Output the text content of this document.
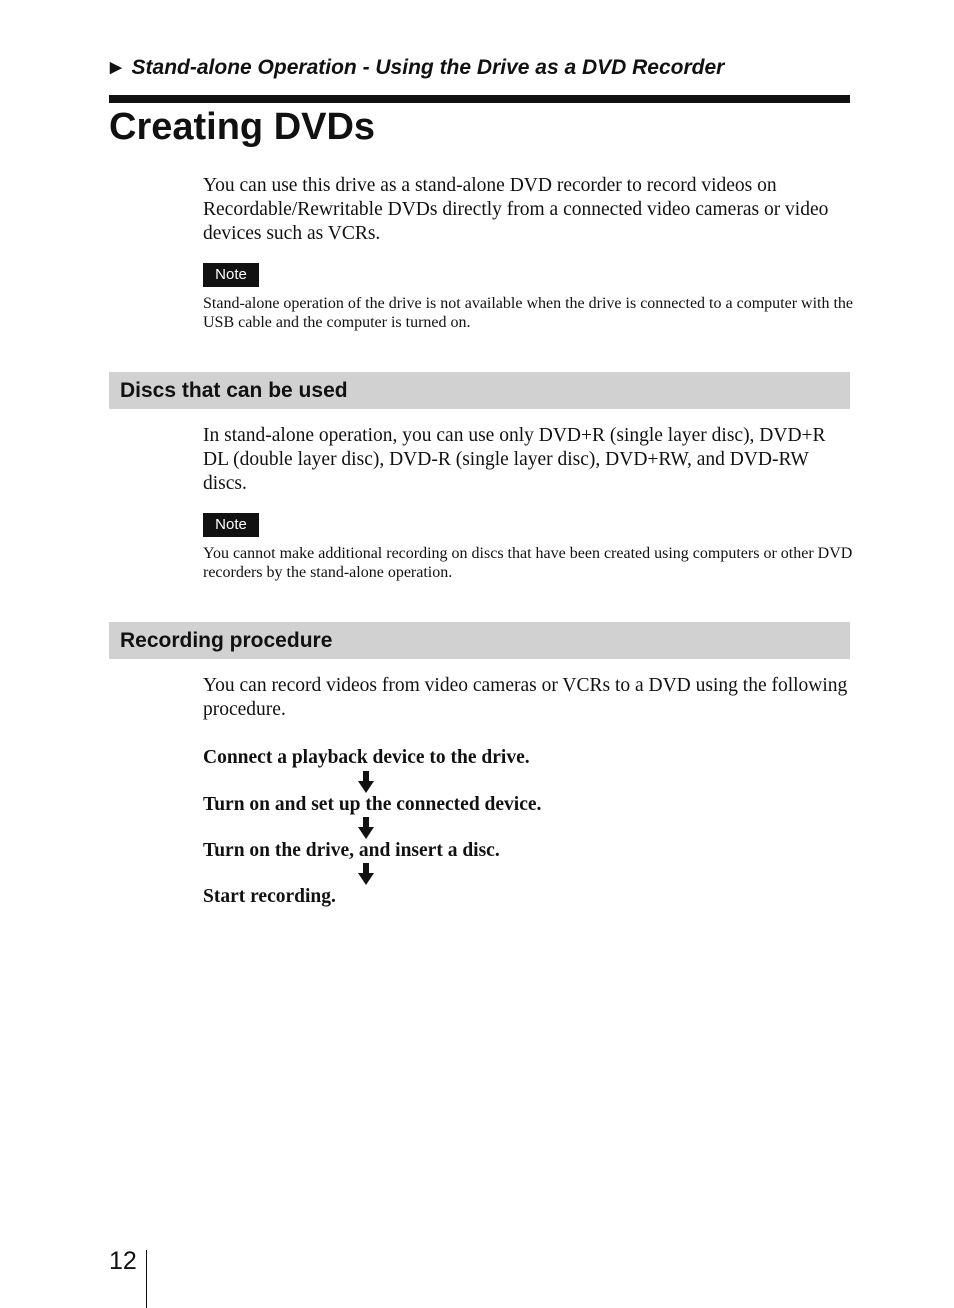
▶ Stand-alone Operation - Using the Drive as a DVD Recorder
Creating DVDs

You can use this drive as a stand-alone DVD recorder to record videos on Recordable/Rewritable DVDs directly from a connected video cameras or video devices such as VCRs.

Note

Stand-alone operation of the drive is not available when the drive is connected to a computer with the USB cable and the computer is turned on.

Discs that can be used

In stand-alone operation, you can use only DVD+R (single layer disc), DVD+R DL (double layer disc), DVD-R (single layer disc), DVD+RW, and DVD-RW discs.

Note

You cannot make additional recording on discs that have been created using computers or other DVD recorders by the stand-alone operation.

Recording procedure

You can record videos from video cameras or VCRs to a DVD using the following procedure.

Connect a playback device to the drive.
Turn on and set up the connected device.
Turn on the drive, and insert a disc.
Start recording.
12
